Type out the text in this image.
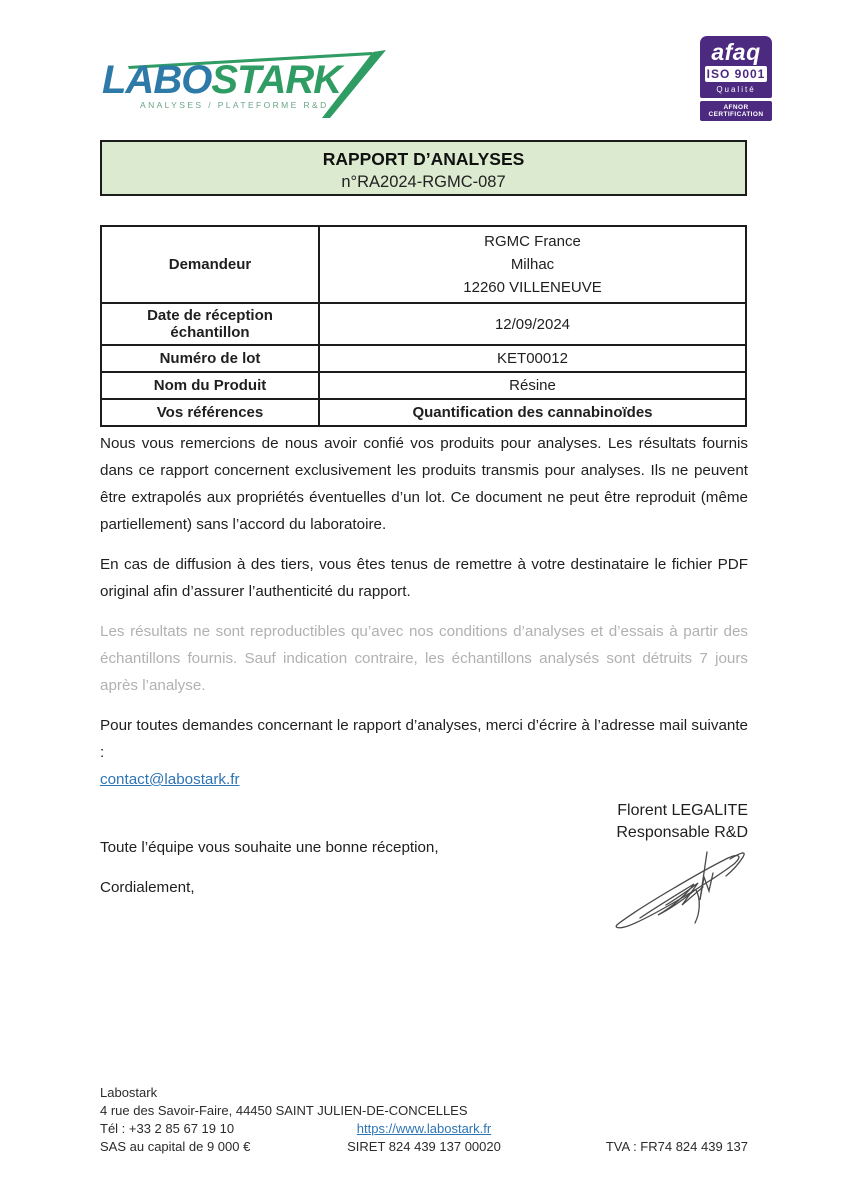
LABOSTARK
ANALYSES / PLATEFORME R&D
afaq
ISO 9001
Qualité
AFNOR CERTIFICATION
RAPPORT D’ANALYSES
n°RA2024-RGMC-087
Demandeur	RGMC France
Milhac
12260 VILLENEUVE

Date de réception échantillon	12/09/2024
Numéro de lot	KET00012
Nom du Produit	Résine
Vos références	Quantification des cannabinoïdes

Nous vous remercions de nous avoir confié vos produits pour analyses. Les résultats fournis dans ce rapport concernent exclusivement les produits transmis pour analyses. Ils ne peuvent être extrapolés aux propriétés éventuelles d’un lot. Ce document ne peut être reproduit (même partiellement) sans l’accord du laboratoire.

En cas de diffusion à des tiers, vous êtes tenus de remettre à votre destinataire le fichier PDF original afin d’assurer l’authenticité du rapport.

Les résultats ne sont reproductibles qu’avec nos conditions d’analyses et d’essais à partir des échantillons fournis. Sauf indication contraire, les échantillons analysés sont détruits 7 jours après l’analyse.

Pour toutes demandes concernant le rapport d’analyses, merci d’écrire à l’adresse mail suivante :
contact@labostark.fr

Toute l’équipe vous souhaite une bonne réception,

Cordialement,

Florent LEGALITE
Responsable R&D
Labostark
4 rue des Savoir-Faire, 44450 SAINT JULIEN-DE-CONCELLES
Tél : +33 2 85 67 19 10	https://www.labostark.fr
SAS au capital de 9 000 €	SIRET 824 439 137 00020	TVA : FR74 824 439 137
